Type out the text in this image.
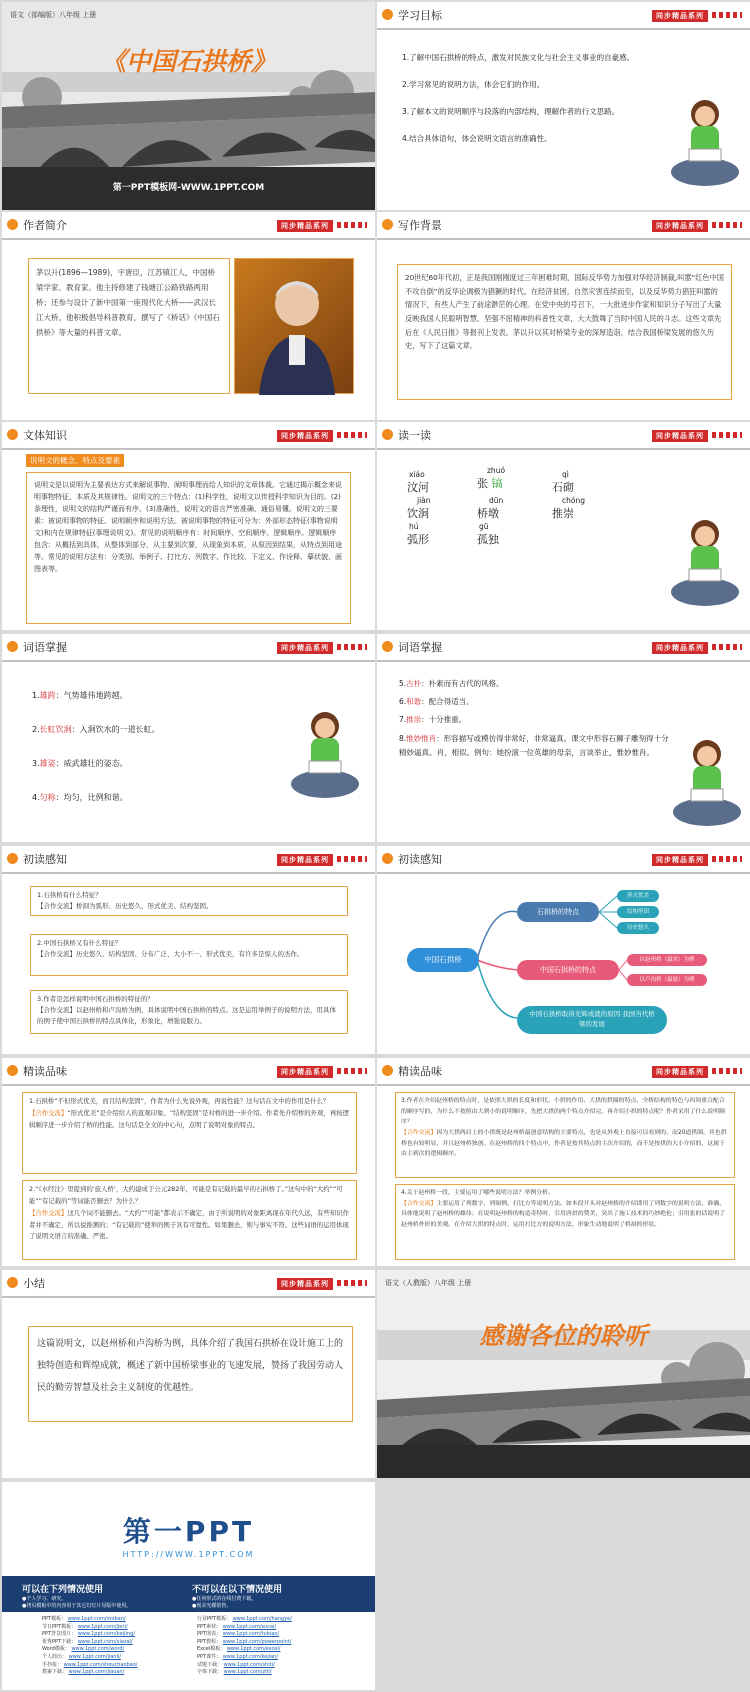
语文（部编版）八年级 上册
《中国石拱桥》
第一PPT模板网-WWW.1PPT.COM
学习目标	同步精品系列
1.了解中国石拱桥的特点，激发对民族文化与社会主义事业的自豪感。
2.学习常见的说明方法，体会它们的作用。
3.了解本文的说明顺序与段落的内部结构，理解作者的行文思路。
4.结合具体语句，体会说明文语言的准确性。
作者简介	同步精品系列
茅以升(1896—1989)，宇唐臣，江苏镇江人，中国桥梁学家、教育家。他主持修建了钱塘江公路铁路两用桥；还参与设计了新中国第一座现代化大桥——武汉长江大桥。他积极倡导科普教育，撰写了《桥话》《中国石拱桥》等大量的科普文章。
写作背景	同步精品系列
20世纪60年代初，正是我国刚刚度过三年困难时期，国际反华势力加强对华经济制裁,叫嚣“红色中国不攻自倒”的反华论调极为猖獗的时代。在经济贫困，自然灾害连续而至，以及反华势力猖狂叫嚣的情况下，有些人产生了前途渺茫的心理。在党中央的号召下，一大批进步作家和知识分子写出了大量反映我国人民聪明智慧、坚强不屈精神的科普性文章，大大鼓舞了当时中国人民的斗志。这些文章先后在《人民日报》等报刊上发表。茅以升以其对桥梁专业的深厚造诣，结合我国桥梁发展的悠久历史，写下了这篇文章。
文体知识	同步精品系列
说明文的概念、特点及要素
说明文是以说明为主要表达方式来解说事物、阐明事理而给人知识的文章体裁。它通过揭示概念来说明事物特征、本质及其规律性。说明文的三个特点：(1)科学性，说明文以传授科学知识为目的。(2)条理性，说明文的结构严谨而有序。(3)准确性，说明文的语言严密准确、通俗易懂。说明文的三要素：被说明事物的特征、说明顺序和说明方法。被说明事物的特征可分为：外部形态特征(事物说明文)和内在规律特征(事理说明文)。常见的说明顺序有：时间顺序、空间顺序、逻辑顺序。逻辑顺序包含：从概括到具体，从整体到部分，从主要到次要，从现象到本质，从原因到结果，从特点到用途等。常见的说明方法有：分类别、举例子、打比方、列数字、作比较、下定义、作诠释、摹状貌、画图表等。
读一读	同步精品系列
xiáo
汶河
zhuó
张 镐
qì
石砌
jiàn
饮涧
dūn
桥墩
chóng
推崇
hú
弧形
gū
孤独
词语掌握	同步精品系列
1.雄跨：气势雄伟地跨越。
2.长虹饮涧：入涧饮水的一道长虹。
3.雄姿：威武雄壮的姿态。
4.匀称：均匀，比例和谐。
词语掌握	同步精品系列
5.古朴：朴素而有古代的风格。
6.和谐：配合得适当。
7.推崇：十分推重。
8.惟妙惟肖：形容描写或模仿得非常好，非常逼真。课文中形容石狮子雕刻得十分精妙逼真。肖，相似。例句：她扮演一位英雄的母亲，言谈举止，惟妙惟肖。
初读感知	同步精品系列
1.石拱桥有什么特征？
【合作交流】桥洞为弧形、历史悠久、形式优美、结构坚固。
2.中国石拱桥又有什么特征？
【合作交流】历史悠久、结构坚固、分布广泛、大小不一、形式优美，有许多是惊人的杰作。
3.作者是怎样说明中国石拱桥的特征的？
【合作交流】以赵州桥和卢沟桥为例，具体说明中国石拱桥的特点。这是运用举例子的说明方法，用具体的例子使中国石拱桥的特点具体化，形象化，增强说服力。
初读感知	同步精品系列
中国石拱桥
石拱桥的特点
形式优美
结构坚固
历史悠久
中国石拱桥的特点
以赵州桥（最突）为例
以卢沟桥（最悬）为例
中国石拱桥取得光辉成就的原因 我国当代桥梁的发展
精读品味	同步精品系列
1.石拱桥“不但形式优美，而且结构坚固”，作者为什么先说外观，再说性能？这句话在文中的作用是什么？
【合作交流】“形式优美”是介绍给人的直观印象。“结构坚固”是对桥的进一步介绍。作者先介绍桥的外观，再按逻辑顺序进一步介绍了桥的性能。这句话是全文的中心句，点明了说明对象的特点。
2.“《水经注》里提到的‘旅人桥’，大约建成于公元282年，可能是有记载的最早的石拱桥了。”这句中的“大约”“可能”“有记载的”等词能否删去？为什么？
【合作交流】这几个词不能删去。“大约”“可能”都表示不确定，由于所说明的对象距离现在年代久远，有些知识作者并不确定，所以说推测的；“有记载的”使举的例子具有可靠性。如果删去，则与事实不符。这些词语的运用体现了说明文语言的准确、严密。
精读品味	同步精品系列
3.作者在介绍赵州桥的特点时，是依照大拱的长度和形状、小拱的作用、大拱的拱圈的特点、全桥结构的特色与四周重合配合的顺序写的，为什么不按照由大到小的说明顺序，先把大拱的两个特点介绍完，再介绍小拱的特点呢？作者采用了什么说明顺序？
【合作交流】因为大拱两肩上的小拱既是赵州桥最创意结构的主要特点，也是从外观上直接可以看到的。而20道拱圈，其也拱桥也有较明显，并且赵州桥独创。在赵州桥的四个特点中，作者是按其特点的主次介绍的，而不是按拱的大小介绍的，这属于由主到次的逻辑顺序。
4.关于赵州桥一段，主要运用了哪些说明方法？举例分析。
【合作交流】主要运用了列数字、列图例、打比方等说明方法。如本段开头对赵州桥的介绍即用了列数字的说明方法，准确、具体地说明了赵州桥的雄伟；在说明赵州桥的构造奇特时，引用唐晨的赞美，突出了施工技术的巧妙绝伦；引用张的话说明了赵州桥外形的美观。在介绍大拱的特点时，运用打比方的说明方法，形象生动地说明了桥洞的形状。
小结	同步精品系列
这篇说明文，以赵州桥和卢沟桥为例，具体介绍了我国石拱桥在设计施工上的独特创造和辉煌成就，概述了新中国桥梁事业的飞速发展，赞扬了我国劳动人民的勤劳智慧及社会主义制度的优越性。
语文（人教版）八年级 上册
感谢各位的聆听
第一PPT
HTTP://WWW.1PPT.COM
可以在下列情况使用
●个人学习、研究。
●拷贝模板中的内容用于其它幻灯片母版中使用。
不可以在以下情况使用
●任何形式的在线付费下载。
●刻录光碟销售。
PPT模板： www.1ppt.com/moban/
节日PPT模板： www.1ppt.com/jieri/
PPT背景图片： www.1ppt.com/beijing/
优秀PPT下载： www.1ppt.com/xiazai/
Word模板： www.1ppt.com/word/
个人简历： www.1ppt.com/jianli/
手抄报： www.1ppt.com/shouchaobao/
教案下载： www.1ppt.com/jiaoan/
行业PPT模板： www.1ppt.com/hangye/
PPT素材： www.1ppt.com/sucai/
PPT图表： www.1ppt.com/tubiao/
PPT教程： www.1ppt.com/powerpoint/
Excel模板： www.1ppt.com/excel/
PPT课件： www.1ppt.com/kejian/
试题下载： www.1ppt.com/shiti/
字体下载： www.1ppt.com/ziti/
